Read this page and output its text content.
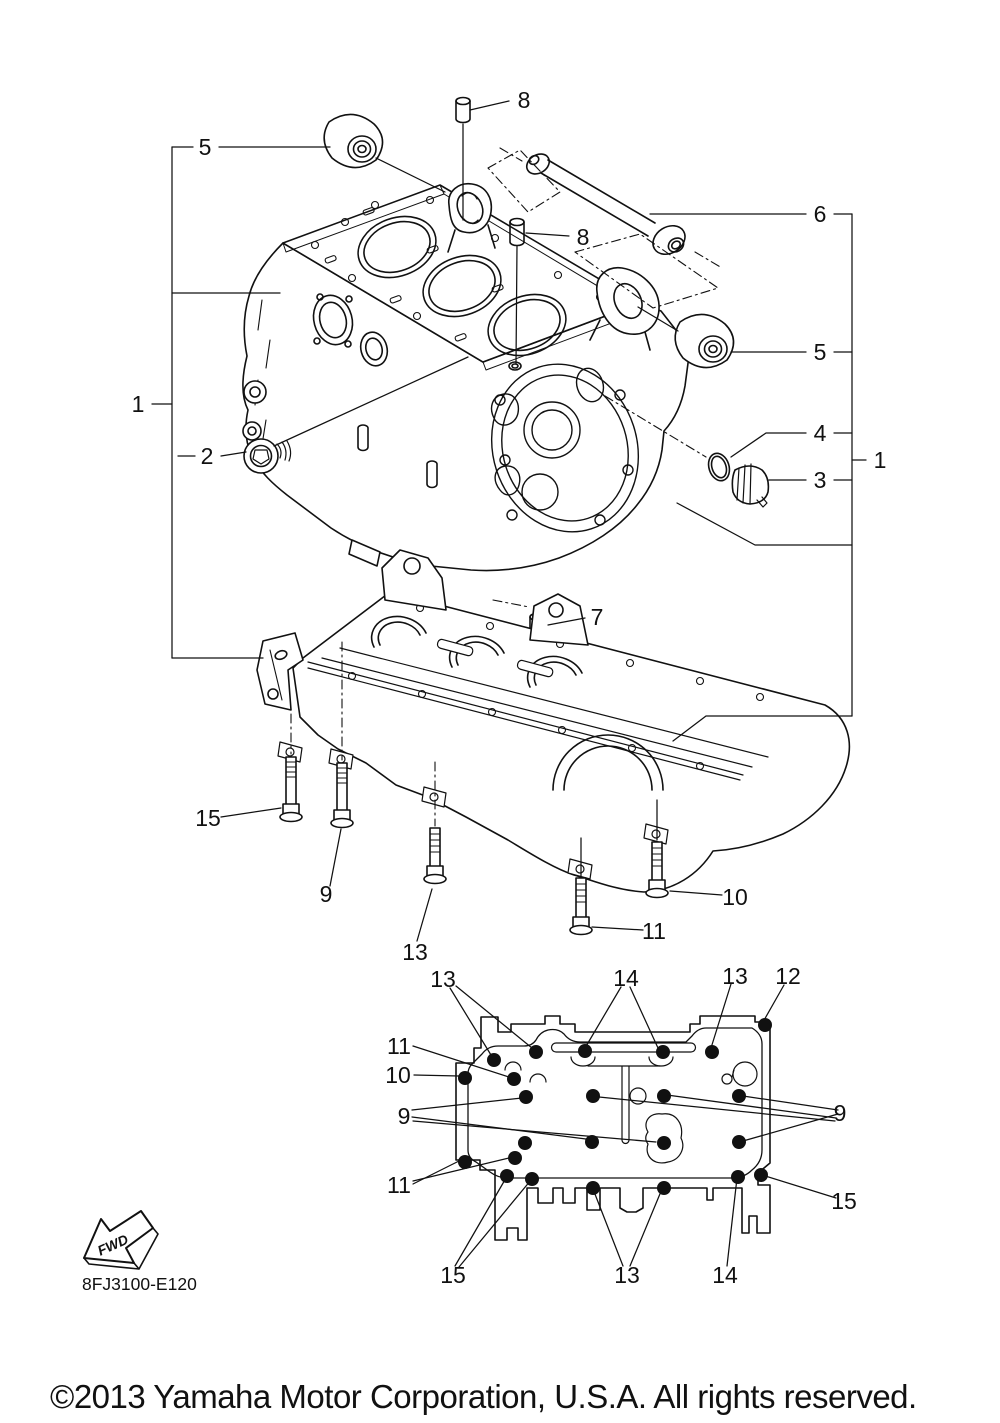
FWD
8
5
8
6
5
4
3
1
1
2
7
15
9
13
11
10
13	14	13 12
11
10
9	9
11
15
15	13	14
8FJ3100-E120
©2013 Yamaha Motor Corporation, U.S.A. All rights reserved.
